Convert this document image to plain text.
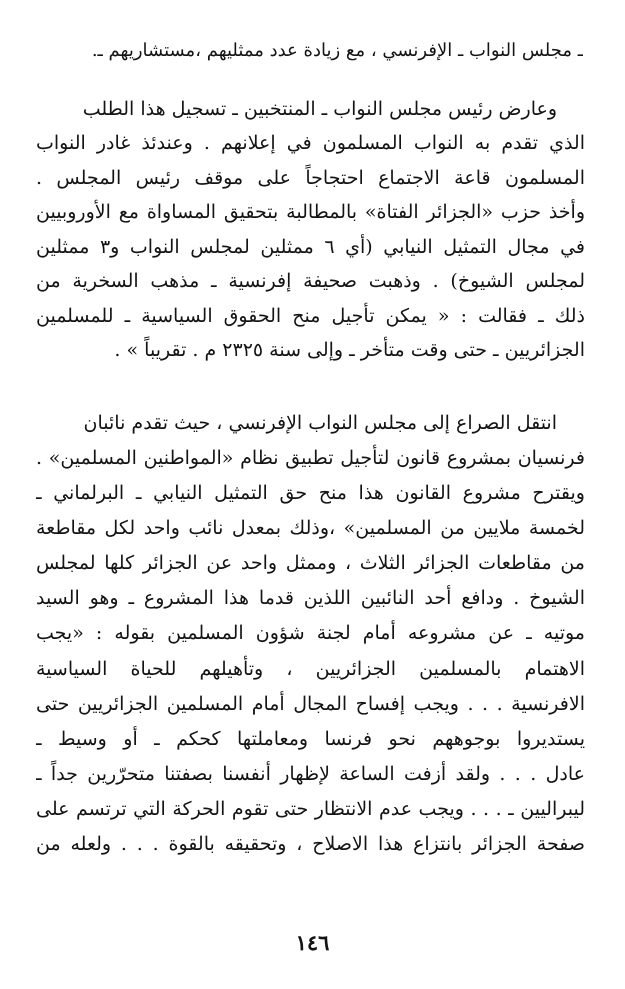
ـ مجلس النواب ـ الإفرنسي ، مع زيادة عدد ممثليهم ،مستشاريهم ـ.
وعارض رئيس مجلس النواب ـ المنتخبين ـ تسجيل هذا الطلب
الذي تقدم به النواب المسلمون في إعلانهم . وعندئذ غادر النواب
المسلمون قاعة الاجتماع احتجاجاً على موقف رئيس المجلس .
وأخذ حزب «الجزائر الفتاة» بالمطالبة بتحقيق المساواة مع الأوروبيين
في مجال التمثيل النيابي (أي ٦ ممثلين لمجلس النواب و٣ ممثلين
لمجلس الشيوخ) . وذهبت صحيفة إفرنسية ـ مذهب السخرية من
ذلك ـ فقالت : « يمكن تأجيل منح الحقوق السياسية ـ للمسلمين
الجزائريين ـ حتى وقت متأخر ـ وإلى سنة ٢٣٢٥ م . تقريباً » .
انتقل الصراع إلى مجلس النواب الإفرنسي ، حيث تقدم نائبان
فرنسيان بمشروع قانون لتأجيل تطبيق نظام «المواطنين المسلمين» .
ويقترح مشروع القانون هذا منح حق التمثيل النيابي ـ البرلماني ـ
لخمسة ملايين من المسلمين» ،وذلك بمعدل نائب واحد لكل مقاطعة
من مقاطعات الجزائر الثلاث ، وممثل واحد عن الجزائر كلها لمجلس
الشيوخ . ودافع أحد النائبين اللذين قدما هذا المشروع ـ وهو السيد
موتيه ـ عن مشروعه أمام لجنة شؤون المسلمين بقوله : «يجب
الاهتمام بالمسلمين الجزائريين ، وتأهيلهم للحياة السياسية
الافرنسية . . . ويجب إفساح المجال أمام المسلمين الجزائريين حتى
يستديروا بوجوههم نحو فرنسا ومعاملتها كحكم ـ أو وسيط ـ
عادل . . . ولقد أزفت الساعة لإظهار أنفسنا بصفتنا متحرّرين جداً ـ
ليبراليين ـ . . . ويجب عدم الانتظار حتى تقوم الحركة التي ترتسم على
صفحة الجزائر بانتزاع هذا الاصلاح ، وتحقيقه بالقوة . . . ولعله من
١٤٦
